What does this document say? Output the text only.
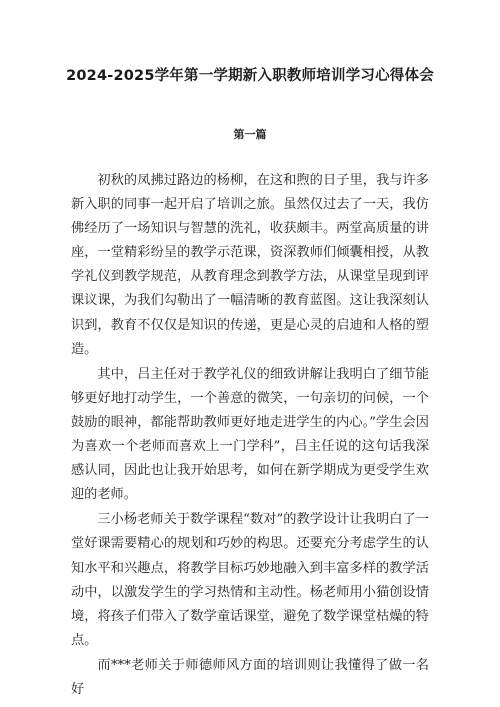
2024-2025学年第一学期新入职教师培训学习心得体会
第一篇

初秋的凤拂过路边的杨柳，在这和煦的日子里，我与许多新入职的同事一起开启了培训之旅。虽然仅过去了一天，我仿佛经历了一场知识与智慧的洗礼，收获颇丰。两堂高质量的讲座，一堂精彩纷呈的教学示范课，资深教师们倾囊相授，从教学礼仪到教学规范，从教育理念到教学方法，从课堂呈现到评课议课，为我们勾勒出了一幅清晰的教育蓝图。这让我深刻认识到，教育不仅仅是知识的传递，更是心灵的启迪和人格的塑造。

其中，吕主任对于教学礼仪的细致讲解让我明白了细节能够更好地打动学生，一个善意的微笑，一句亲切的问候，一个鼓励的眼神，都能帮助教师更好地走进学生的内心。”学生会因为喜欢一个老师而喜欢上一门学科”，吕主任说的这句话我深感认同，因此也让我开始思考，如何在新学期成为更受学生欢迎的老师。

三小杨老师关于数学课程“数对”的教学设计让我明白了一堂好课需要精心的规划和巧妙的构思。还要充分考虑学生的认知水平和兴趣点，将教学目标巧妙地融入到丰富多样的教学活动中，以激发学生的学习热情和主动性。杨老师用小猫创设情境，将孩子们带入了数学童话课堂，避免了数学课堂枯燥的特点。

而***老师关于师德师风方面的培训则让我懂得了做一名好
